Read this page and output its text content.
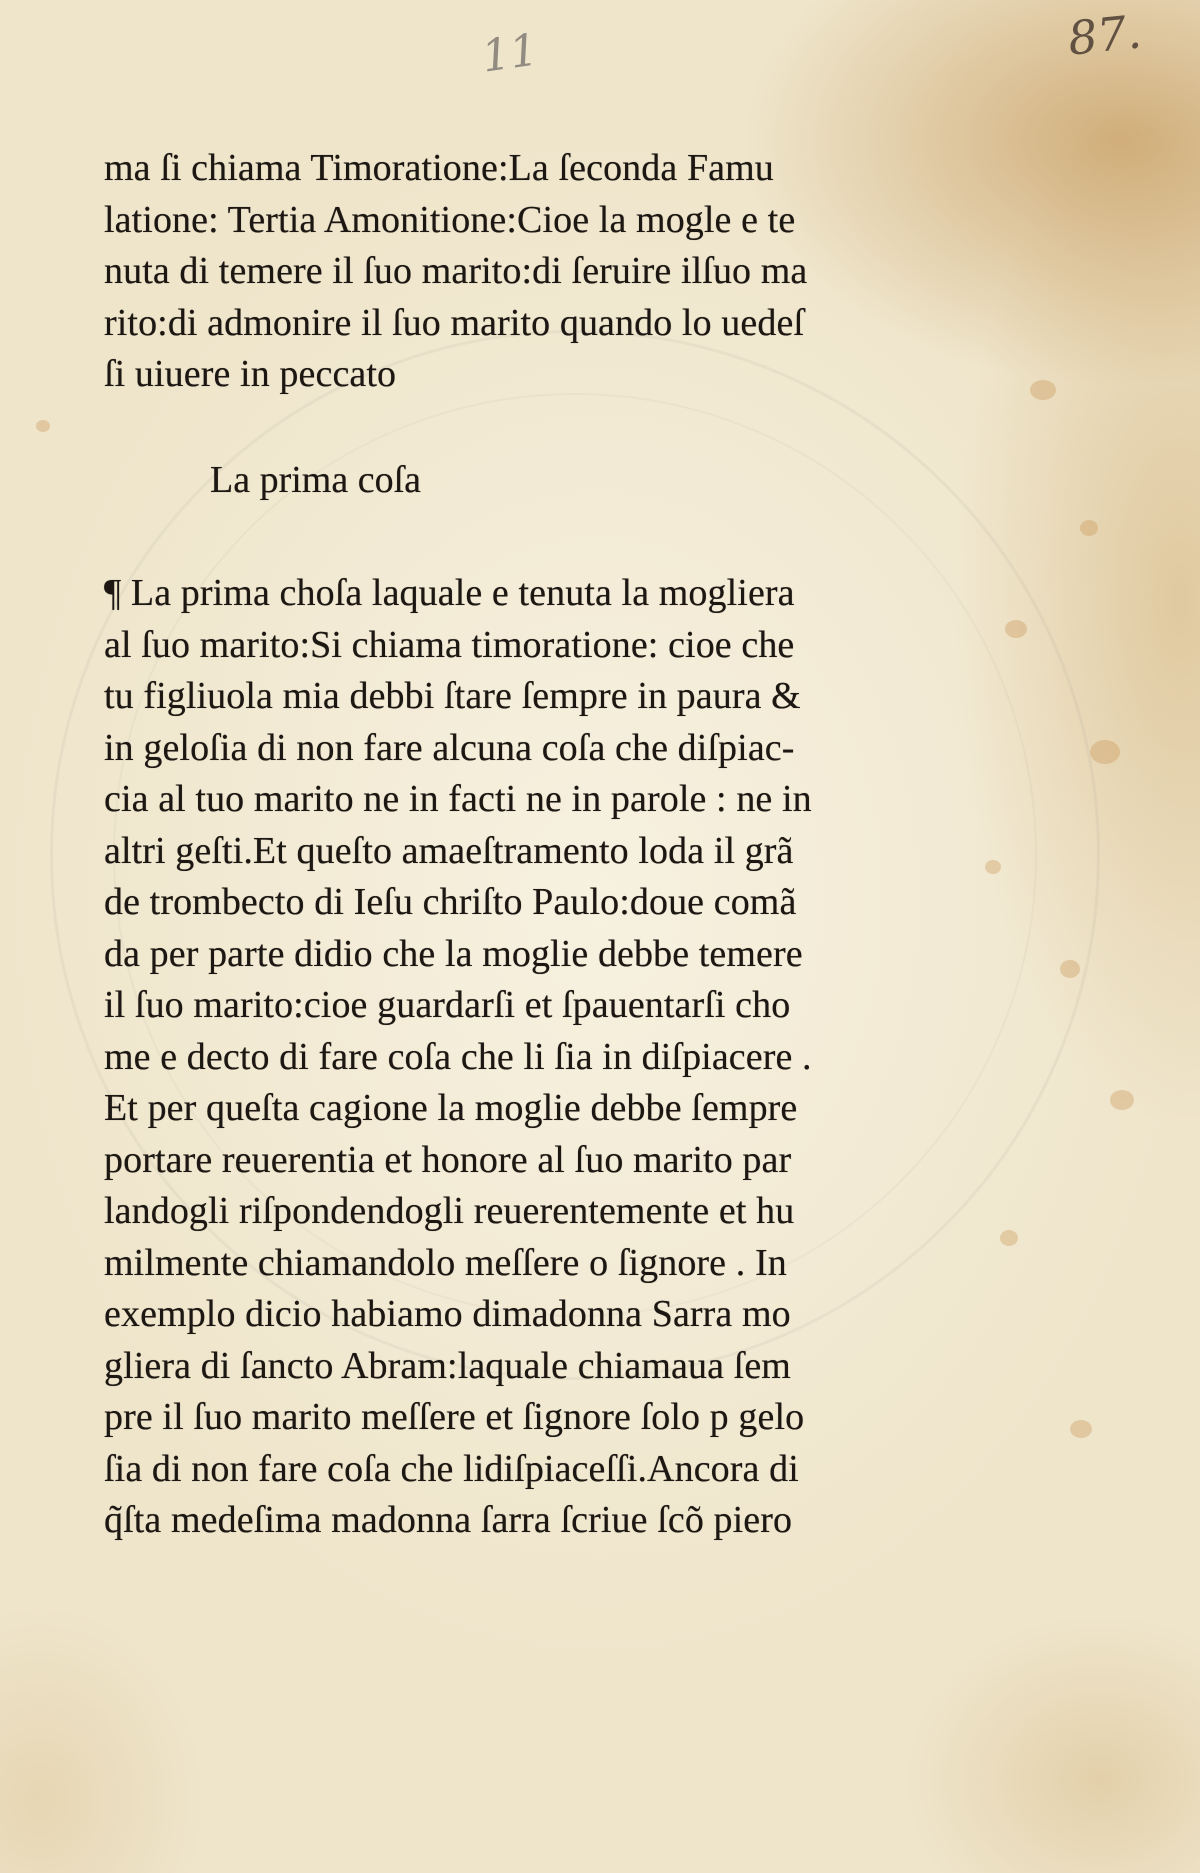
11	87.
ma ſi chiama Timoratione:La ſeconda Famu
latione: Tertia Amonitione:Cioe la mogle e te
nuta di temere il ſuo marito:di ſeruire ilſuo ma
rito:di admonire il ſuo marito quando lo uedeſ
ſi uiuere in peccato
¶ La prima choſa laquale e tenuta la mogliera
al ſuo marito:Si chiama timoratione: cioe che
tu figliuola mia debbi ſtare ſempre in paura &
in geloſia di non fare alcuna coſa che diſpiac-
cia al tuo marito ne in facti ne in parole : ne in
altri geſti.Et queſto amaeſtramento loda il grã
de trombecto di Ieſu chriſto Paulo:doue comã
da per parte didio che la moglie debbe temere
il ſuo marito:cioe guardarſi et ſpauentarſi cho
me e decto di fare coſa che li ſia in diſpiacere .
Et per queſta cagione la moglie debbe ſempre
portare reuerentia et honore al ſuo marito par
landogli riſpondendogli reuerentemente et hu
milmente chiamandolo meſſere o ſignore . In
exemplo dicio habiamo dimadonna Sarra mo
gliera di ſancto Abram:laquale chiamaua ſem
pre il ſuo marito meſſere et ſignore ſolo p gelo
ſia di non fare coſa che lidiſpiaceſſi.Ancora di
q̃ſta medeſima madonna ſarra ſcriue ſcõ piero
La prima coſa
